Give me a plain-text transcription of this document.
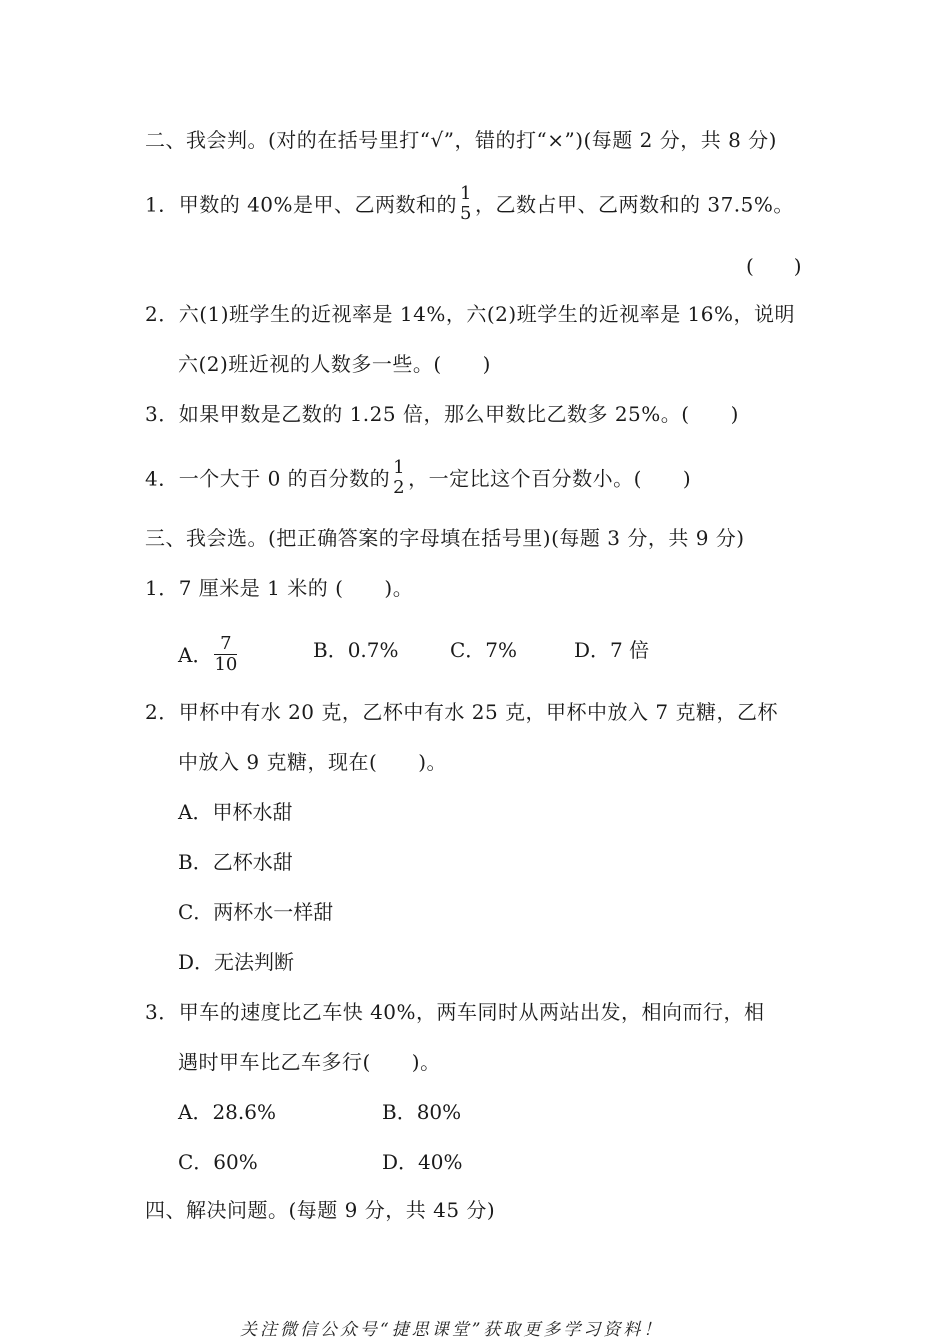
二、我会判。(对的在括号里打“√”，错的打“×”)(每题 2 分，共 8 分)
1．甲数的 40%是甲、乙两数和的 1
5 ，乙数占甲、乙两数和的 37.5%。
(　　)
2．六(1)班学生的近视率是 14%，六(2)班学生的近视率是 16%，说明
六(2)班近视的人数多一些。(　　)
3．如果甲数是乙数的 1.25 倍，那么甲数比乙数多 25%。(　　)
4．一个大于 0 的百分数的 1
2 ，一定比这个百分数小。(　　)
三、我会选。(把正确答案的字母填在括号里)(每题 3 分，共 9 分)
1．7 厘米是 1 米的 (　　)。
A． $\frac{7}{10}$	B．0.7%	C．7%	D．7 倍
2．甲杯中有水 20 克，乙杯中有水 25 克，甲杯中放入 7 克糖，乙杯
中放入 9 克糖，现在(　　)。
A．甲杯水甜
B．乙杯水甜
C．两杯水一样甜
D．无法判断
3．甲车的速度比乙车快 40%，两车同时从两站出发，相向而行，相
遇时甲车比乙车多行(　　)。
A．28.6%	B．80%
C．60%	D．40%
四、解决问题。(每题 9 分，共 45 分)
关注微信公众号“捷思课堂”获取更多学习资料！
